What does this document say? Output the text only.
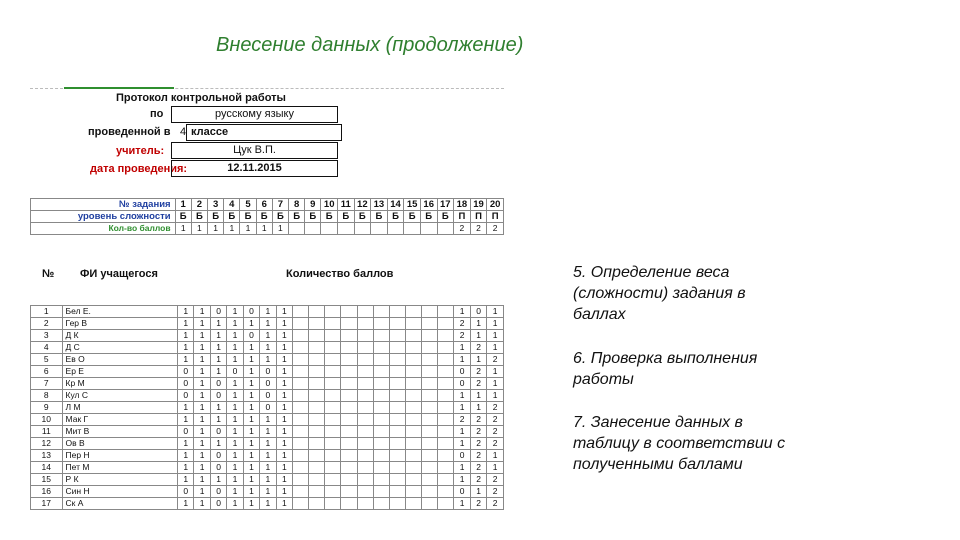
Внесение данных (продолжение)
Протокол контрольной работы
по	русскому языку
проведенной в 4 классе
учитель:	Цук В.П.
дата проведения:	12.11.2015
№ задания	1	2	3	4	5	6	7	8	9	10	11	12	13	14	15	16	17	18	19	20
уровень сложности	Б	Б	Б	Б	Б	Б	Б	Б	Б	Б	Б	Б	Б	Б	Б	Б	Б	П	П	П
Кол-во баллов	1	1	1	1	1	1	1											2	2	2
№ ФИ учащегося	Количество баллов
1	Бел Е.	1	1	0	1	0	1	1											1	0	1
2	Гер В	1	1	1	1	1	1	1											2	1	1
3	Д К	1	1	1	1	0	1	1											2	1	1
4	Д С	1	1	1	1	1	1	1											1	2	1
5	Ев О	1	1	1	1	1	1	1											1	1	2
6	Ер Е	0	1	1	0	1	0	1											0	2	1
7	Кр М	0	1	0	1	1	0	1											0	2	1
8	Кул С	0	1	0	1	1	0	1											1	1	1
9	Л М	1	1	1	1	1	0	1											1	1	2
10	Мак Г	1	1	1	1	1	1	1											2	2	2
11	Мит В	0	1	0	1	1	1	1											1	2	2
12	Ов В	1	1	1	1	1	1	1											1	2	2
13	Пер Н	1	1	0	1	1	1	1											0	2	1
14	Пет М	1	1	0	1	1	1	1											1	2	1
15	Р К	1	1	1	1	1	1	1											1	2	2
16	Син Н	0	1	0	1	1	1	1											0	1	2
17	Ск А	1	1	0	1	1	1	1											1	2	2
5. Определение веса (сложности) задания в баллах
6. Проверка выполнения работы
7. Занесение данных в таблицу в соответствии с полученными баллами
